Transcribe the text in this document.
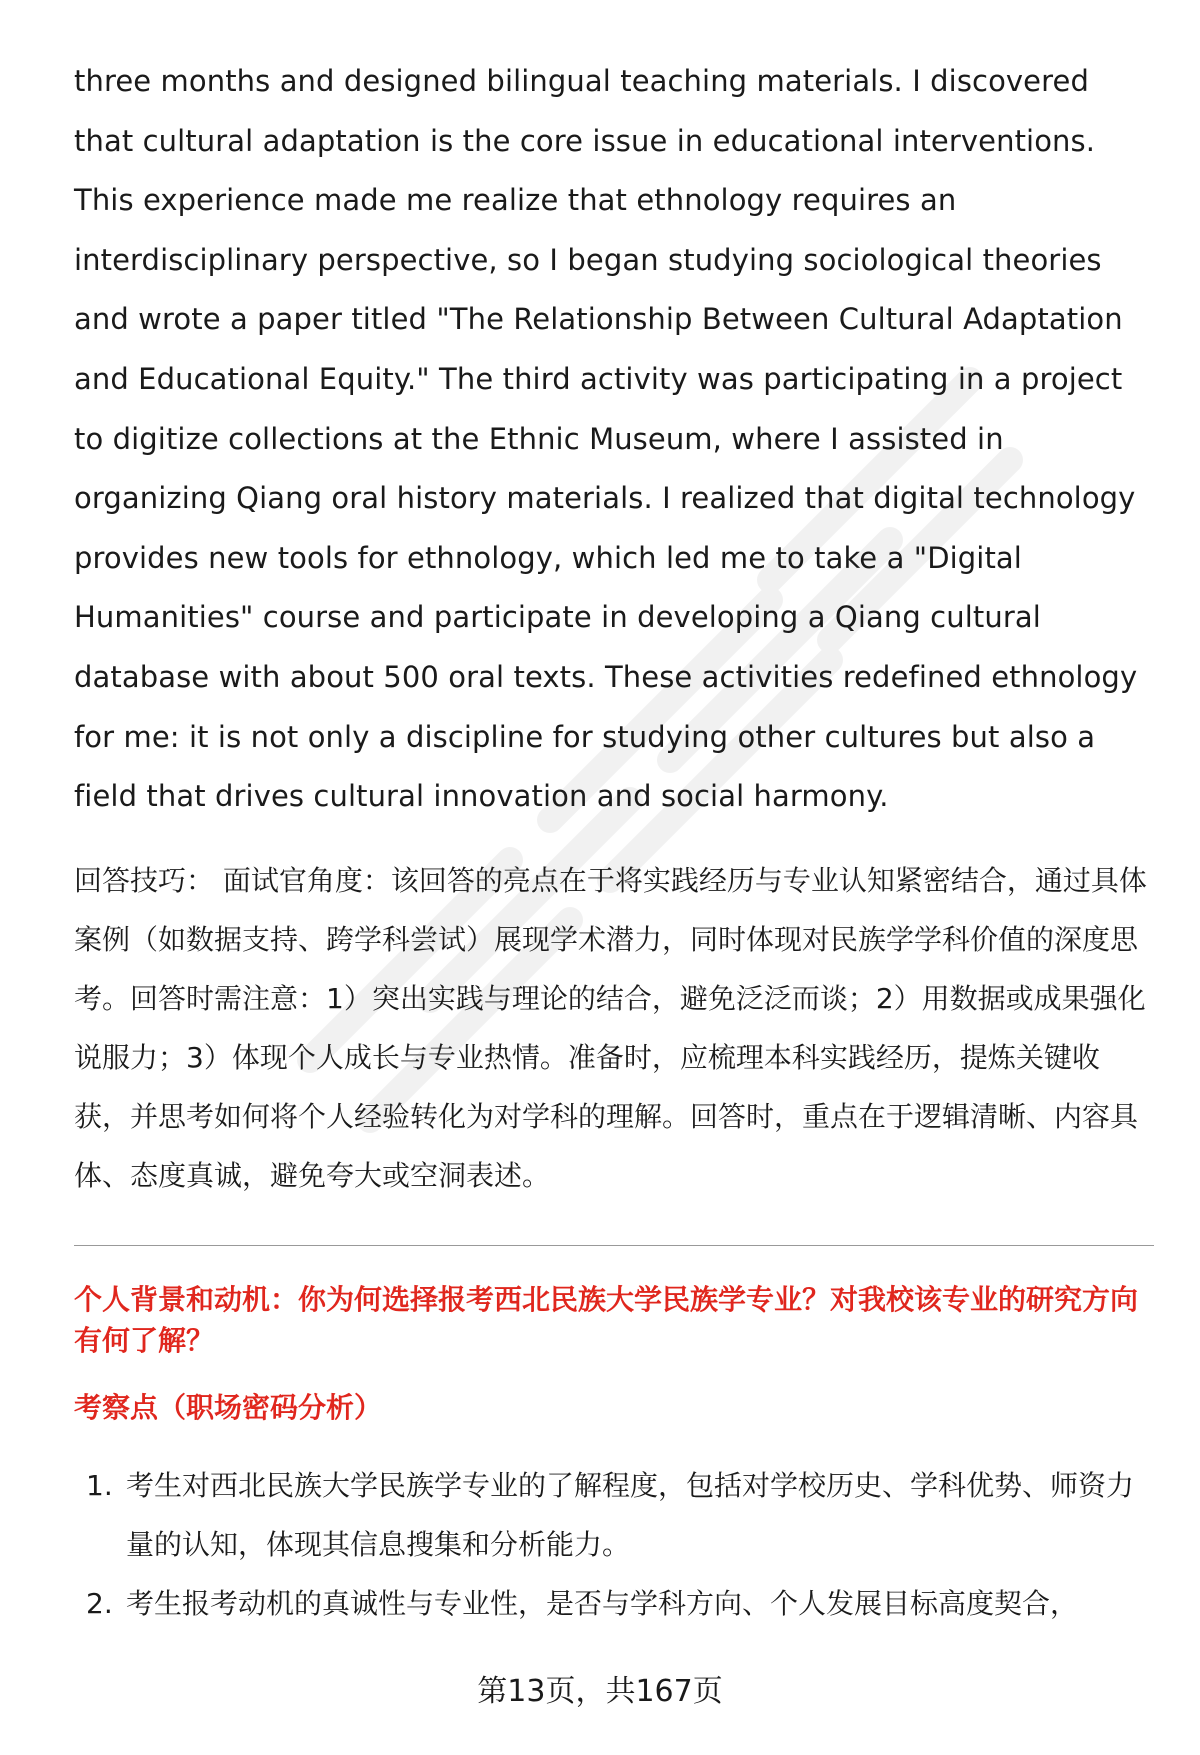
three months and designed bilingual teaching materials. I discovered that cultural adaptation is the core issue in educational interventions. This experience made me realize that ethnology requires an interdisciplinary perspective, so I began studying sociological theories and wrote a paper titled "The Relationship Between Cultural Adaptation and Educational Equity." The third activity was participating in a project to digitize collections at the Ethnic Museum, where I assisted in organizing Qiang oral history materials. I realized that digital technology provides new tools for ethnology, which led me to take a "Digital Humanities" course and participate in developing a Qiang cultural database with about 500 oral texts. These activities redefined ethnology for me: it is not only a discipline for studying other cultures but also a field that drives cultural innovation and social harmony.

回答技巧： 面试官角度：该回答的亮点在于将实践经历与专业认知紧密结合，通过具体案例（如数据支持、跨学科尝试）展现学术潜力，同时体现对民族学学科价值的深度思考。回答时需注意：1）突出实践与理论的结合，避免泛泛而谈；2）用数据或成果强化说服力；3）体现个人成长与专业热情。准备时，应梳理本科实践经历，提炼关键收获，并思考如何将个人经验转化为对学科的理解。回答时，重点在于逻辑清晰、内容具体、态度真诚，避免夸大或空洞表述。

个人背景和动机：你为何选择报考西北民族大学民族学专业？对我校该专业的研究方向有何了解？
考察点（职场密码分析）
1. 考生对西北民族大学民族学专业的了解程度，包括对学校历史、学科优势、师资力量的认知，体现其信息搜集和分析能力。
2. 考生报考动机的真诚性与专业性，是否与学科方向、个人发展目标高度契合，
第13页，共167页
